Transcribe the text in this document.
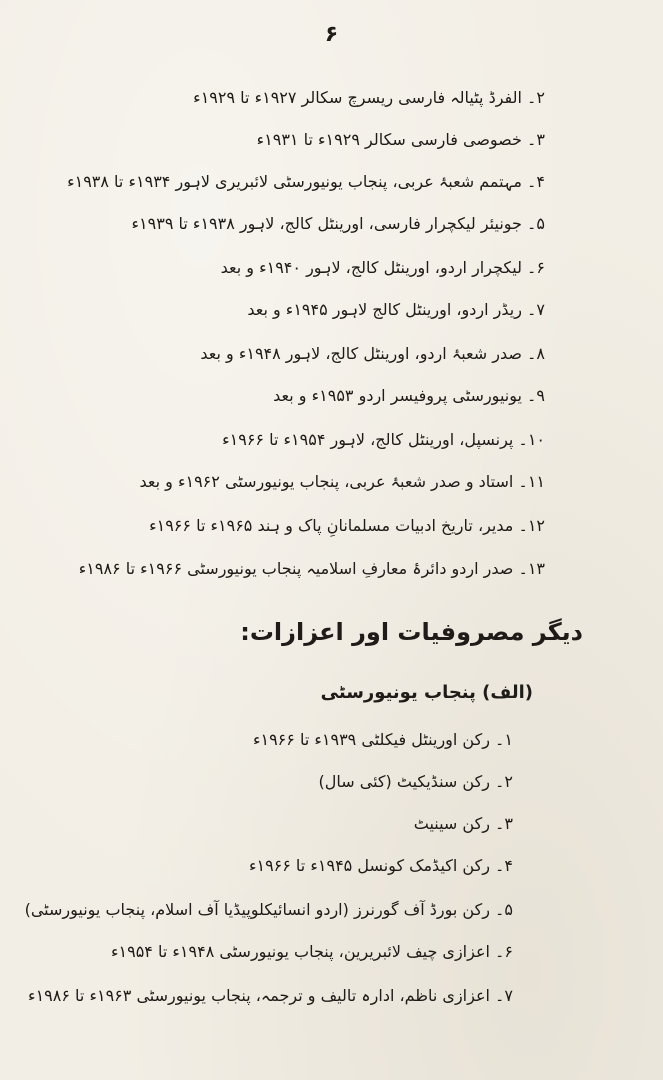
۶
۲۔ الفرڈ پٹیالہ فارسی ریسرچ سکالر ۱۹۲۷ء تا ۱۹۲۹ء
۳۔ خصوصی فارسی سکالر ۱۹۲۹ء تا ۱۹۳۱ء
۴۔ مہتمم شعبۂ عربی، پنجاب یونیورسٹی لائبریری لاہور ۱۹۳۴ء تا ۱۹۳۸ء
۵۔ جونیئر لیکچرار فارسی، اورینٹل کالج، لاہور ۱۹۳۸ء تا ۱۹۳۹ء
۶۔ لیکچرار اردو، اورینٹل کالج، لاہور ۱۹۴۰ء و بعد
۷۔ ریڈر اردو، اورینٹل کالج لاہور ۱۹۴۵ء و بعد
۸۔ صدر شعبۂ اردو، اورینٹل کالج، لاہور ۱۹۴۸ء و بعد
۹۔ یونیورسٹی پروفیسر اردو ۱۹۵۳ء و بعد
۱۰۔ پرنسپل، اورینٹل کالج، لاہور ۱۹۵۴ء تا ۱۹۶۶ء
۱۱۔ استاد و صدر شعبۂ عربی، پنجاب یونیورسٹی ۱۹۶۲ء و بعد
۱۲۔ مدیر، تاریخ ادبیات مسلمانانِ پاک و ہند ۱۹۶۵ء تا ۱۹۶۶ء
۱۳۔ صدر اردو دائرۂ معارفِ اسلامیہ پنجاب یونیورسٹی ۱۹۶۶ء تا ۱۹۸۶ء
دیگر مصروفیات اور اعزازات:
(الف) پنجاب یونیورسٹی
۱۔ رکن اورینٹل فیکلٹی ۱۹۳۹ء تا ۱۹۶۶ء
۲۔ رکن سنڈیکیٹ (کئی سال)
۳۔ رکن سینیٹ
۴۔ رکن اکیڈمک کونسل ۱۹۴۵ء تا ۱۹۶۶ء
۵۔ رکن بورڈ آف گورنرز (اردو انسائیکلوپیڈیا آف اسلام، پنجاب یونیورسٹی)
۶۔ اعزازی چیف لائبریرین، پنجاب یونیورسٹی ۱۹۴۸ء تا ۱۹۵۴ء
۷۔ اعزازی ناظم، ادارہ تالیف و ترجمہ، پنجاب یونیورسٹی ۱۹۶۳ء تا ۱۹۸۶ء
